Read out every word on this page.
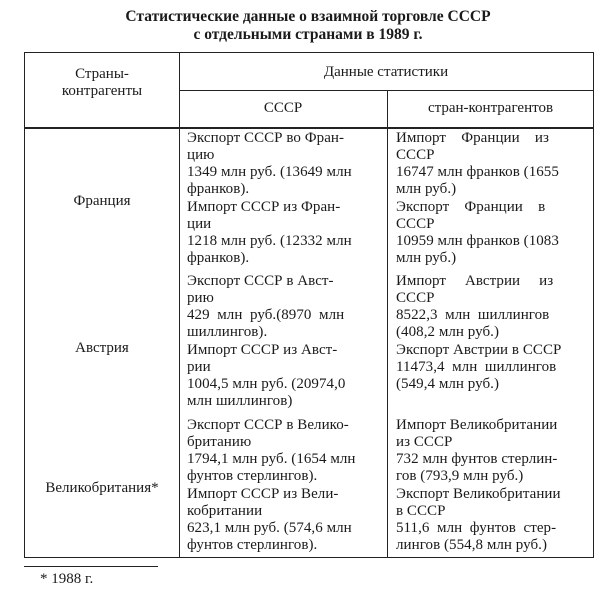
Статистические данные о взаимной торговле СССР
с отдельными странами в 1989 г.
Страны-
контрагенты
Данные статистики
СССР	стран-контрагентов
Франция

Экспорт СССР во Фран-

цию

1349 млн руб. (13649 млн

франков).

Импорт СССР из Фран-

ции

1218 млн руб. (12332 млн

франков).

Импорт    Франции    из

СССР

16747 млн франков (1655

млн руб.)

Экспорт    Франции    в

СССР

10959 млн франков (1083

млн руб.)

Австрия

Экспорт СССР в Авст-

рию

429  млн  руб.(8970  млн

шиллингов).

Импорт СССР из Авст-

рии

1004,5 млн руб. (20974,0

млн шиллингов)

Импорт     Австрии     из

СССР

8522,3  млн  шиллингов

(408,2 млн руб.)

Экспорт Австрии в СССР

11473,4  млн  шиллингов

(549,4 млн руб.)

Великобритания*

Экспорт СССР в Велико-

британию

1794,1 млн руб. (1654 млн

фунтов стерлингов).

Импорт СССР из Вели-

кобритании

623,1 млн руб. (574,6 млн

фунтов стерлингов).

Импорт Великобритании

из СССР

732 млн фунтов стерлин-

гов (793,9 млн руб.)

Экспорт Великобритании

в СССР

511,6  млн  фунтов  стер-

лингов (554,8 млн руб.)

* 1988 г.
